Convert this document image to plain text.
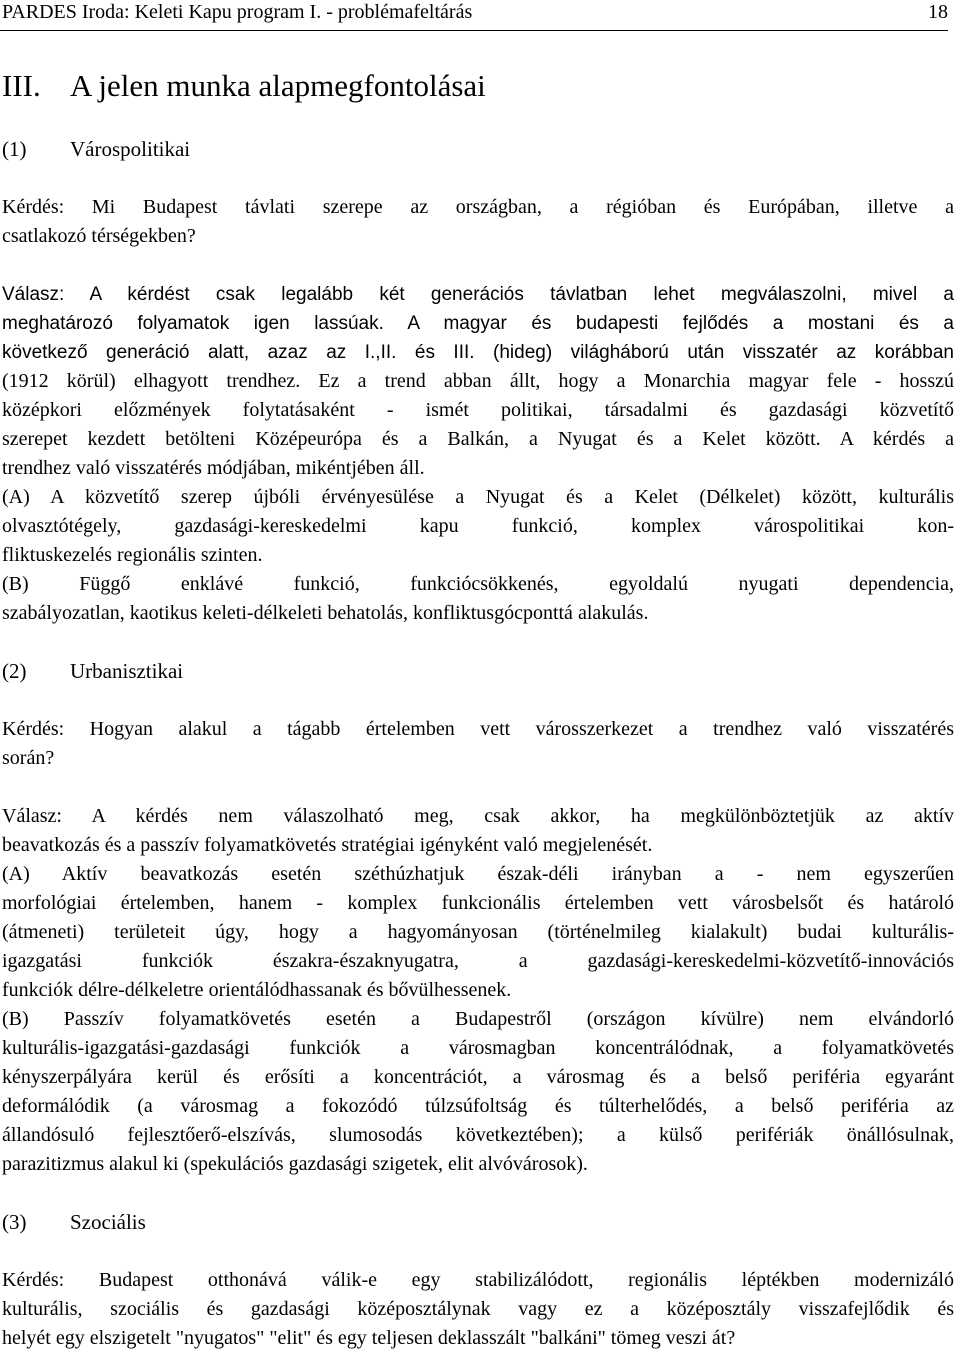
PARDES Iroda: Keleti Kapu program I. - problémafeltárás	18
III. A jelen munka alapmegfontolásai
(1) Várospolitikai
Kérdés: Mi Budapest távlati szerepe az országban, a régióban és Európában, illetve a
csatlakozó térségekben?
Válasz: A kérdést csak legalább két generációs távlatban lehet megválaszolni, mivel a
meghatározó folyamatok igen lassúak. A magyar és budapesti fejlődés a mostani és a
következő generáció alatt, azaz az I.,II. és III. (hideg) világháború után visszatér az korábban
(1912 körül) elhagyott trendhez. Ez a trend abban állt, hogy a Monarchia magyar fele - hosszú
középkori előzmények folytatásaként - ismét politikai, társadalmi és gazdasági közvetítő
szerepet kezdett betölteni Középeurópa és a Balkán, a Nyugat és a Kelet között. A kérdés a
trendhez való visszatérés módjában, mikéntjében áll.
(A) A közvetítő szerep újbóli érvényesülése a Nyugat és a Kelet (Délkelet) között, kulturális
olvasztótégely, gazdasági-kereskedelmi kapu funkció, komplex várospolitikai kon-
fliktuskezelés regionális szinten.
(B) Függő enklávé funkció, funkciócsökkenés, egyoldalú nyugati dependencia,
szabályozatlan, kaotikus keleti-délkeleti behatolás, konfliktusgócponttá alakulás.
(2) Urbanisztikai
Kérdés: Hogyan alakul a tágabb értelemben vett városszerkezet a trendhez való visszatérés
során?
Válasz: A kérdés nem válaszolható meg, csak akkor, ha megkülönböztetjük az aktív
beavatkozás és a passzív folyamatkövetés stratégiai igényként való megjelenését.
(A) Aktív beavatkozás esetén széthúzhatjuk észak-déli irányban a - nem egyszerűen
morfológiai értelemben, hanem - komplex funkcionális értelemben vett városbelsőt és határoló
(átmeneti) területeit úgy, hogy a hagyományosan (történelmileg kialakult) budai kulturális-
igazgatási funkciók északra-északnyugatra, a gazdasági-kereskedelmi-közvetítő-innovációs
funkciók délre-délkeletre orientálódhassanak és bővülhessenek.
(B) Passzív folyamatkövetés esetén a Budapestről (országon kívülre) nem elvándorló
kulturális-igazgatási-gazdasági funkciók a városmagban koncentrálódnak, a folyamatkövetés
kényszerpályára kerül és erősíti a koncentrációt, a városmag és a belső periféria egyaránt
deformálódik (a városmag a fokozódó túlzsúfoltság és túlterhelődés, a belső periféria az
állandósuló fejlesztőerő-elszívás, slumosodás következtében); a külső perifériák önállósulnak,
parazitizmus alakul ki (spekulációs gazdasági szigetek, elit alvóvárosok).
(3) Szociális
Kérdés: Budapest otthonává válik-e egy stabilizálódott, regionális léptékben modernizáló
kulturális, szociális és gazdasági középosztálynak vagy ez a középosztály visszafejlődik és
helyét egy elszigetelt "nyugatos" "elit" és egy teljesen deklasszált "balkáni" tömeg veszi át?
